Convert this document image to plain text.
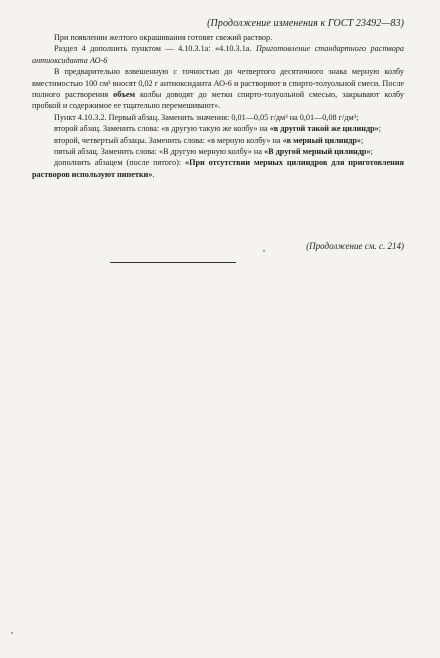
(Продолжение изменения к ГОСТ 23492—83)

При появлении желтого окрашивания готовят свежий раствор.

Раздел 4 дополнить пунктом — 4.10.3.1а: «4.10.3.1а. Приготовление стандартного раствора антиоксиданта АО-6

В предварительно взвешенную с точностью до четвертого десятичного знака мерную колбу вместимостью 100 см³ вносят 0,02 г антиоксиданта АО-6 и растворяют в спирто-толуольной смеси. После полного растворения объем колбы доводят до метки спирто-толуольной смесью, закрывают колбу пробкой и содержимое ее тщательно перемешивают».

Пункт 4.10.3.2. Первый абзац. Заменить значения: 0,01—0,05 г/дм³ на 0,01—0,08 г/дм³;

второй абзац. Заменить слова: «в другую такую же колбу» на «в другой такой же цилиндр»;

второй, четвертый абзацы. Заменить слова: «в мерную колбу» на «в мерный цилиндр»;

пятый абзац. Заменить слова: «В другую мерную колбу» на «В другой мерный цилиндр»;

дополнить абзацем (после пятого): «При отсутствии мерных цилиндров для приготовления растворов используют пипетки».

(Продолжение см. с. 214)
